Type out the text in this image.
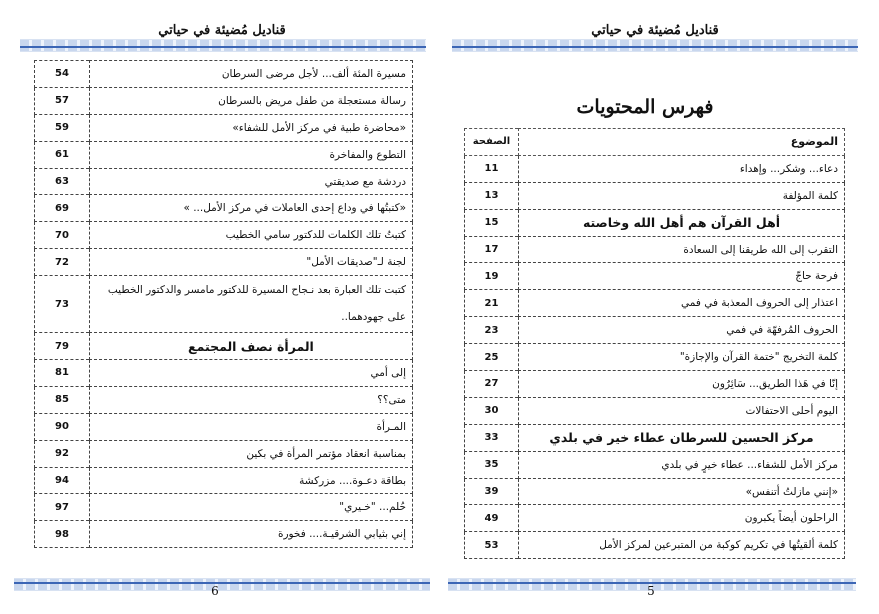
قناديل مُضيئة في حياتي
مسيرة المئة ألف... لأجل مرضى السرطان	54
رسالة مستعجلة من طفل مريض بالسرطان	57
«محاضرة طبية في مركز الأمل للشفاء»	59
التطوع والمفاخرة	61
دردشة مع صديقتي	63
«كتبتُها في وداع إحدى العاملات في مركز الأمل... »	69
كتبتُ تلك الكلمات للدكتور سامي الخطيب	70
لجنة لـ"صديقات الأمل"	72
كتبت تلك العبارة بعد نـجاح المسيرة للدكتور مامسر والدكتور الخطيب على جهودهما..	73
المرأة نصف المجتمع	79
إلى أمي	81
متى؟؟	85
المـرأة	90
بمناسبة انعقاد مؤتمر المرأة في بكين	92
بطاقة دعـوة.... مزركشة	94
حُلم... "خـيري"	97
إني بثيابي الشرقيـة.... فخورة	98
6
قناديل مُضيئة في حياتي
فهرس المحتويات
الموضوع	الصفحة
دعاء... وشكر... وإهداء	11
كلمة المؤلفة	13
أهل القرآن هم أهل الله وخاصته	15
التقرب إلى الله طريقنا إلى السعادة	17
فرحة حاجّ	19
اعتذار إلى الحروف المعذبة في فمي	21
الحروف المُرفهّة في فمي	23
كلمة التخريج "ختمة القرآن والإجازة"	25
إنّا في هَذا الطريق... سَائِرُون	27
اليوم أحلى الاحتفالات	30
مركز الحسين للسرطان عطاء خير في بلدي	33
مركز الأمل للشفاء... عطاء خيرٍ في بلدي	35
«إنني مازلتُ أتنفس»	39
الراحلون أيضاً يكبرون	49
كلمة ألقيتُها في تكريم كوكبة من المتبرعين لمركز الأمل	53
5
